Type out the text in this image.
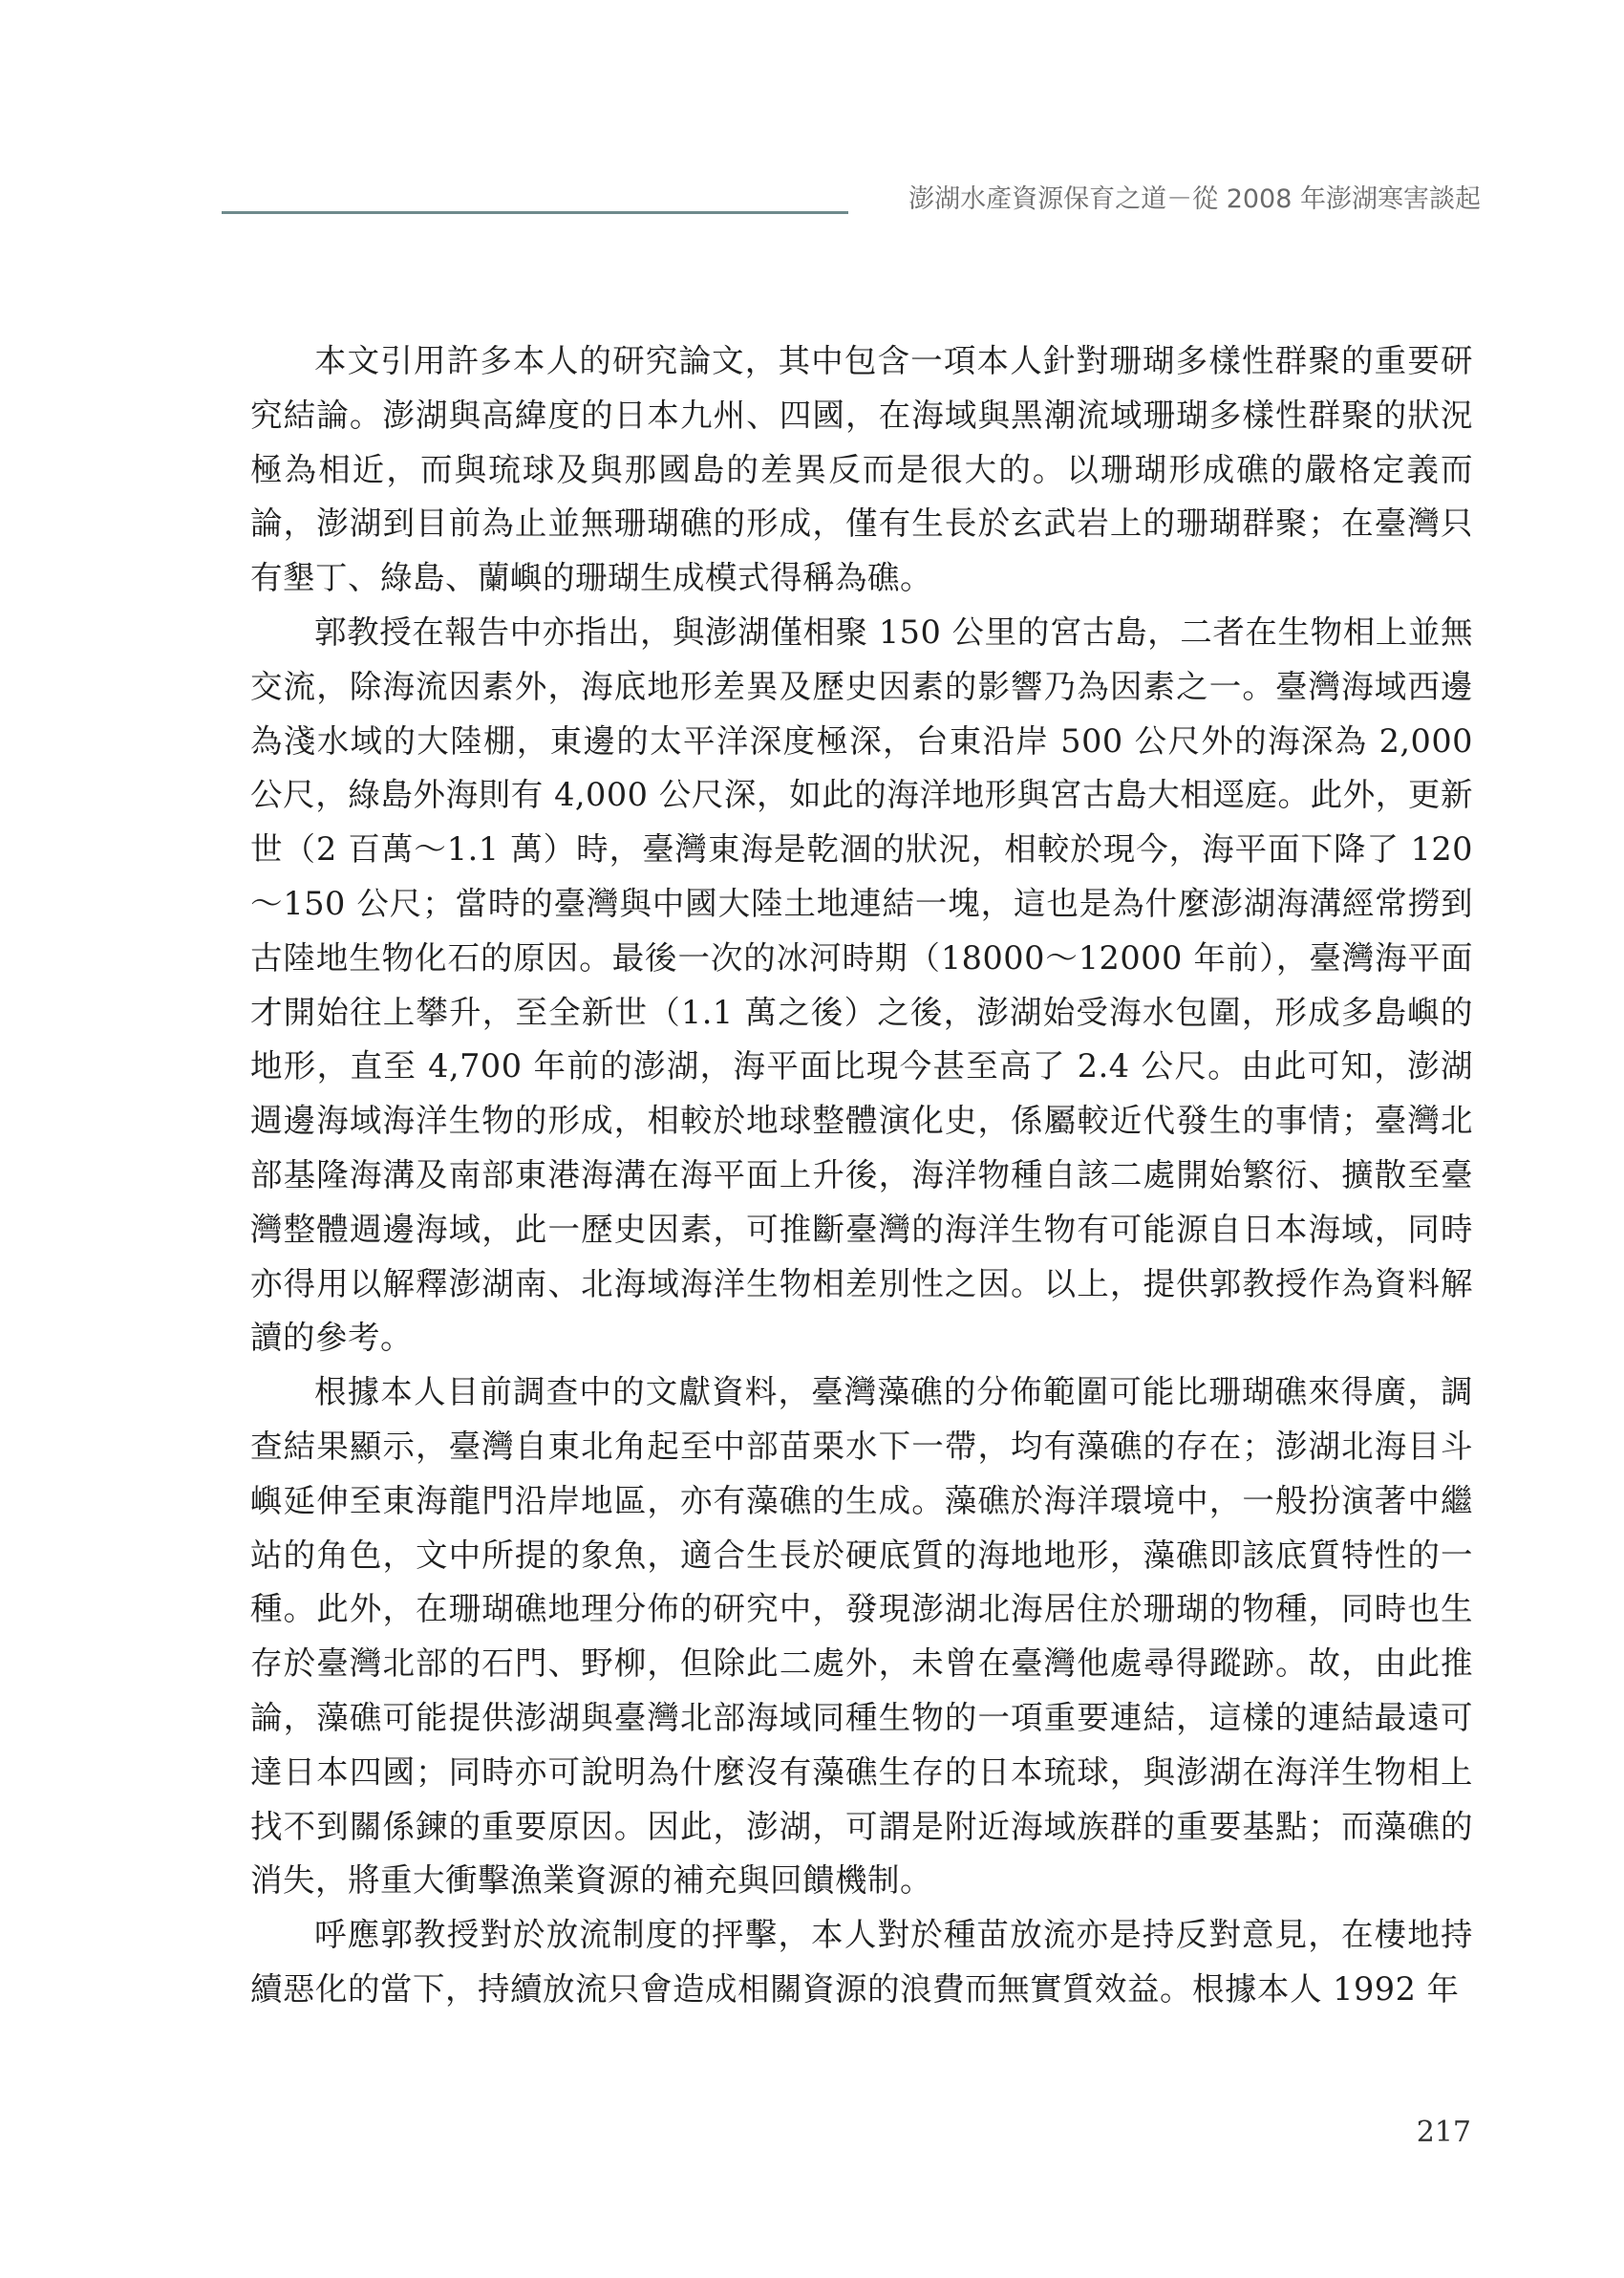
澎湖水產資源保育之道－從 2008 年澎湖寒害談起

本文引用許多本人的研究論文，其中包含一項本人針對珊瑚多樣性群聚的重要研究結論。澎湖與高緯度的日本九州、四國，在海域與黑潮流域珊瑚多樣性群聚的狀況極為相近，而與琉球及與那國島的差異反而是很大的。以珊瑚形成礁的嚴格定義而論，澎湖到目前為止並無珊瑚礁的形成，僅有生長於玄武岩上的珊瑚群聚；在臺灣只有墾丁、綠島、蘭嶼的珊瑚生成模式得稱為礁。

郭教授在報告中亦指出，與澎湖僅相聚 150 公里的宮古島，二者在生物相上並無交流，除海流因素外，海底地形差異及歷史因素的影響乃為因素之一。臺灣海域西邊為淺水域的大陸棚，東邊的太平洋深度極深，台東沿岸 500 公尺外的海深為 2,000 公尺，綠島外海則有 4,000 公尺深，如此的海洋地形與宮古島大相逕庭。此外，更新世（2 百萬～1.1 萬）時，臺灣東海是乾涸的狀況，相較於現今，海平面下降了 120～150 公尺；當時的臺灣與中國大陸土地連結一塊，這也是為什麼澎湖海溝經常撈到古陸地生物化石的原因。最後一次的冰河時期（18000～12000 年前），臺灣海平面才開始往上攀升，至全新世（1.1 萬之後）之後，澎湖始受海水包圍，形成多島嶼的地形，直至 4,700 年前的澎湖，海平面比現今甚至高了 2.4 公尺。由此可知，澎湖週邊海域海洋生物的形成，相較於地球整體演化史，係屬較近代發生的事情；臺灣北部基隆海溝及南部東港海溝在海平面上升後，海洋物種自該二處開始繁衍、擴散至臺灣整體週邊海域，此一歷史因素，可推斷臺灣的海洋生物有可能源自日本海域，同時亦得用以解釋澎湖南、北海域海洋生物相差別性之因。以上，提供郭教授作為資料解讀的參考。

根據本人目前調查中的文獻資料，臺灣藻礁的分佈範圍可能比珊瑚礁來得廣，調查結果顯示，臺灣自東北角起至中部苗栗水下一帶，均有藻礁的存在；澎湖北海目斗嶼延伸至東海龍門沿岸地區，亦有藻礁的生成。藻礁於海洋環境中，一般扮演著中繼站的角色，文中所提的象魚，適合生長於硬底質的海地地形，藻礁即該底質特性的一種。此外，在珊瑚礁地理分佈的研究中，發現澎湖北海居住於珊瑚的物種，同時也生存於臺灣北部的石門、野柳，但除此二處外，未曾在臺灣他處尋得蹤跡。故，由此推論，藻礁可能提供澎湖與臺灣北部海域同種生物的一項重要連結，這樣的連結最遠可達日本四國；同時亦可說明為什麼沒有藻礁生存的日本琉球，與澎湖在海洋生物相上找不到關係鍊的重要原因。因此，澎湖，可謂是附近海域族群的重要基點；而藻礁的消失，將重大衝擊漁業資源的補充與回饋機制。

呼應郭教授對於放流制度的抨擊，本人對於種苗放流亦是持反對意見，在棲地持續惡化的當下，持續放流只會造成相關資源的浪費而無實質效益。根據本人 1992 年

217
